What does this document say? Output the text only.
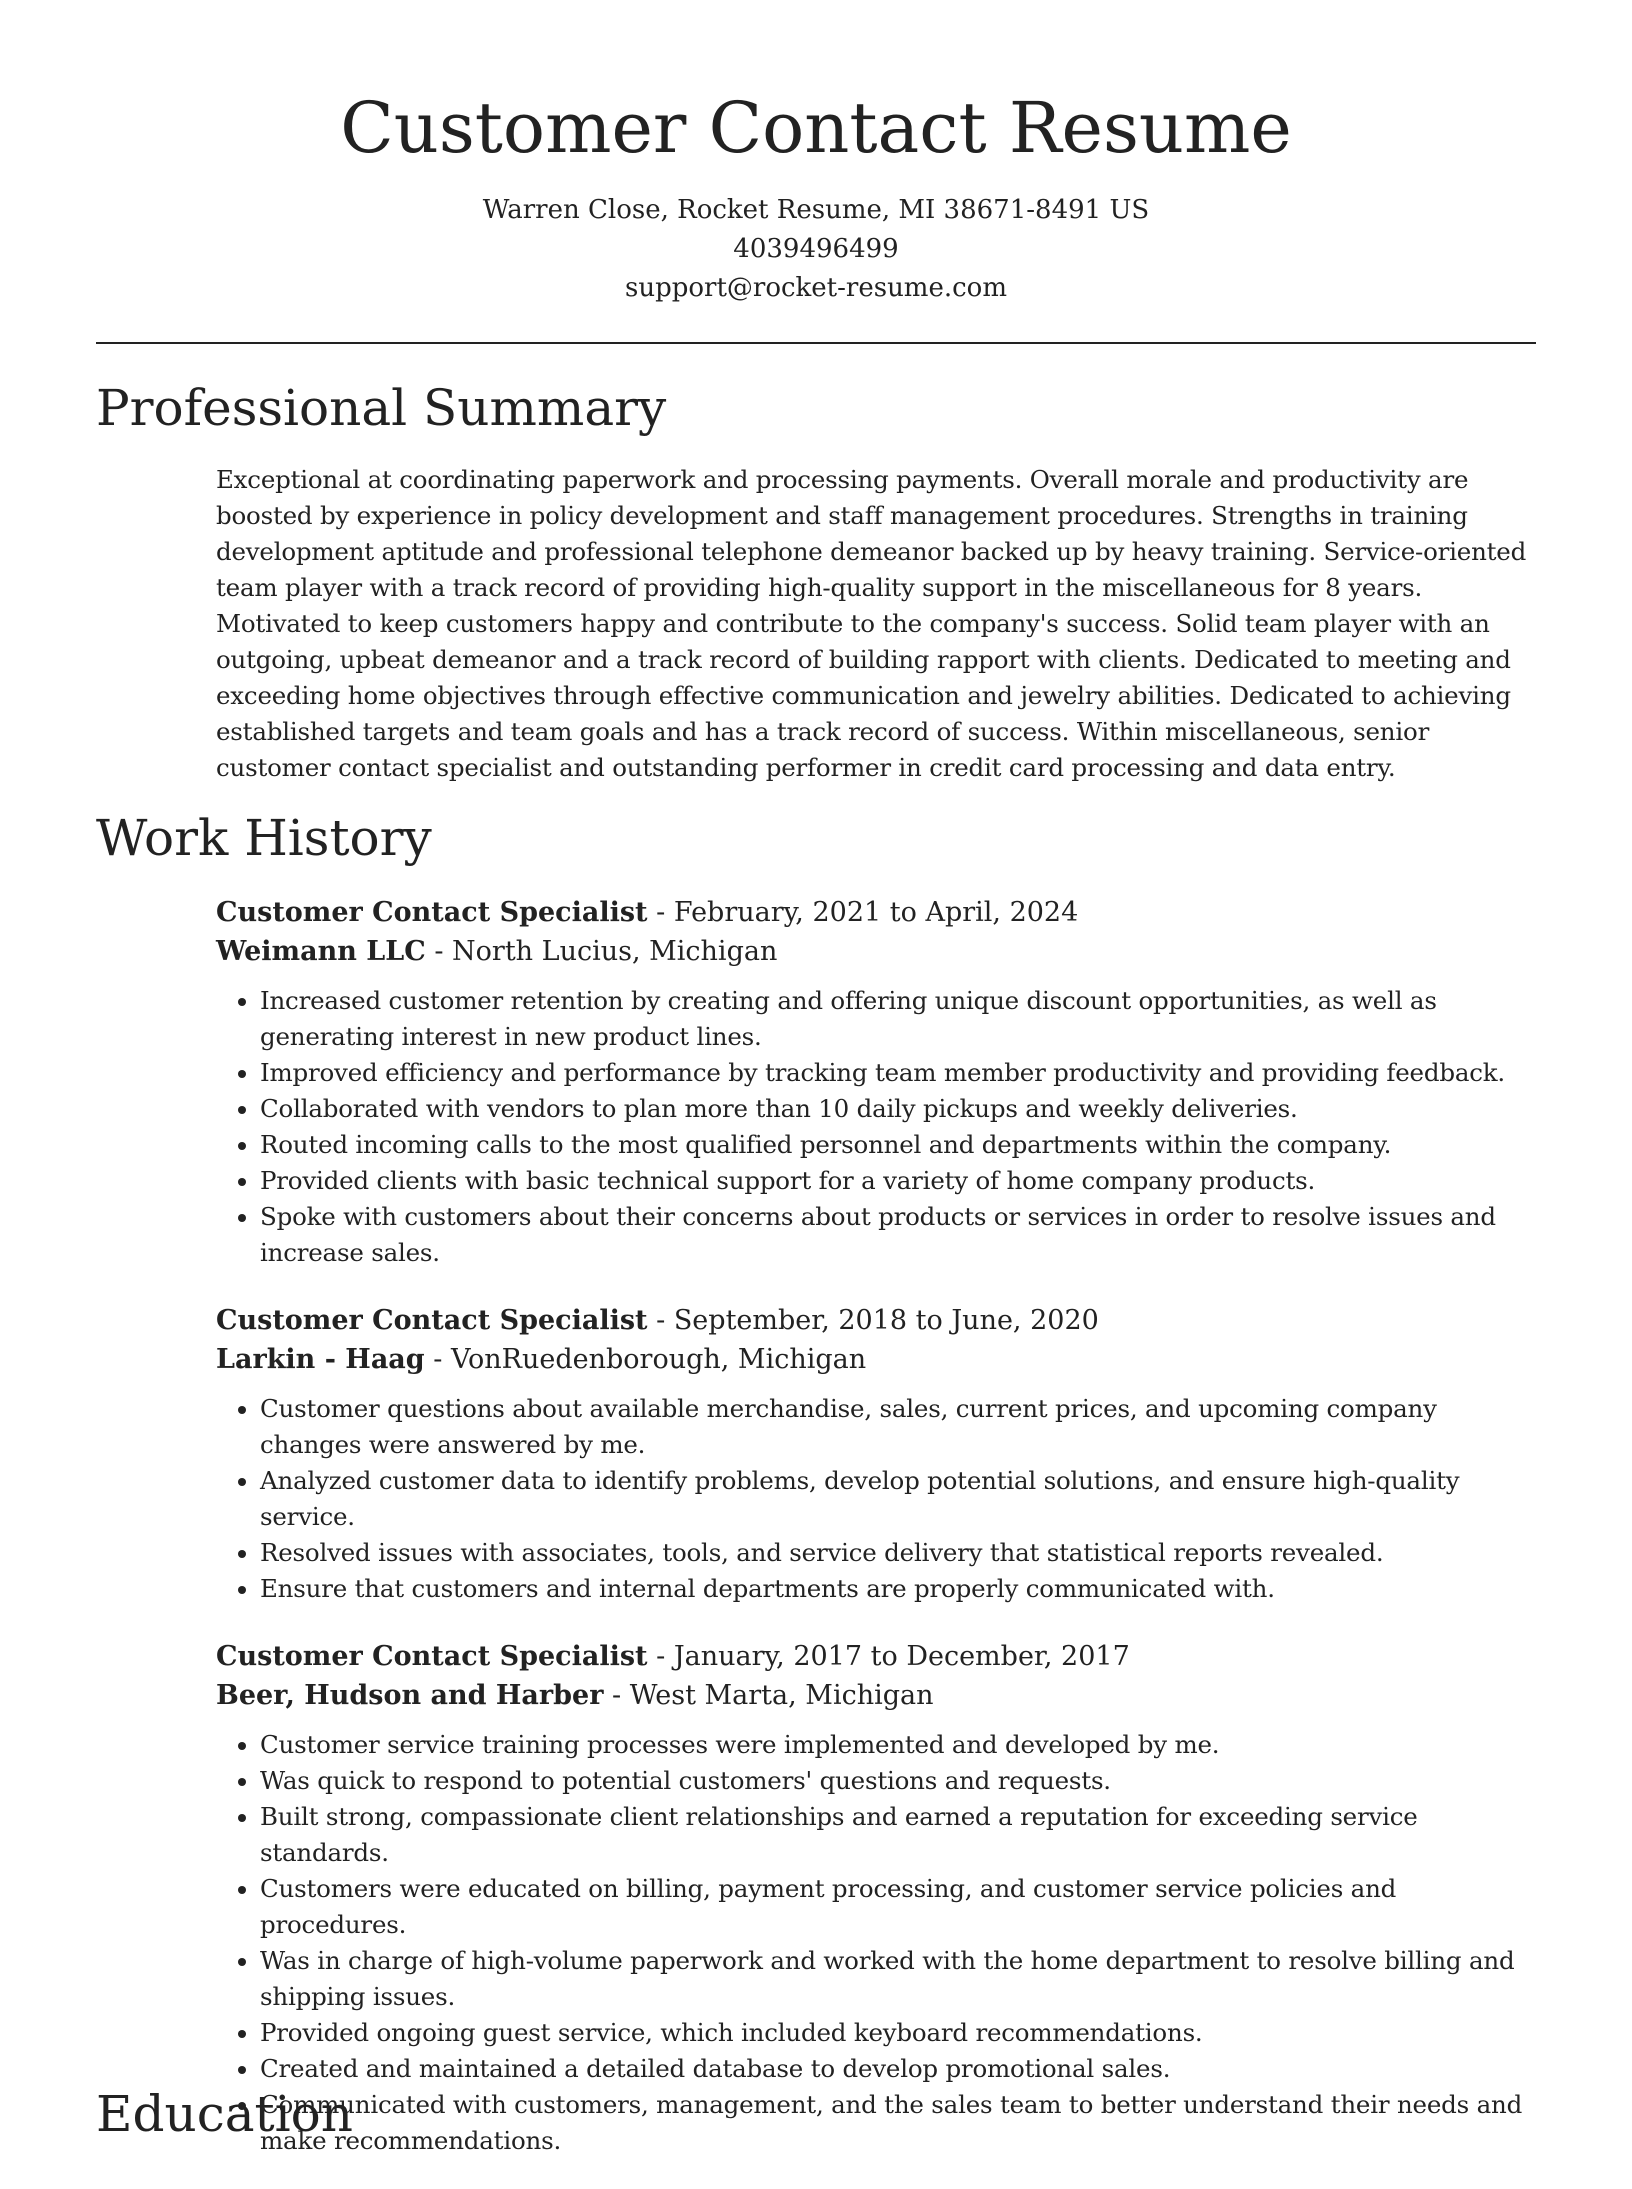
Customer Contact Resume
Warren Close, Rocket Resume, MI 38671-8491 US
4039496499
support@rocket-resume.com
Professional Summary

Exceptional at coordinating paperwork and processing payments. Overall morale and productivity are boosted by experience in policy development and staff management procedures. Strengths in training development aptitude and professional telephone demeanor backed up by heavy training. Service-oriented team player with a track record of providing high-quality support in the miscellaneous for 8 years. Motivated to keep customers happy and contribute to the company's success. Solid team player with an outgoing, upbeat demeanor and a track record of building rapport with clients. Dedicated to meeting and exceeding home objectives through effective communication and jewelry abilities. Dedicated to achieving established targets and team goals and has a track record of success. Within miscellaneous, senior customer contact specialist and outstanding performer in credit card processing and data entry.

Work History

Customer Contact Specialist - February, 2021 to April, 2024

Weimann LLC - North Lucius, Michigan

• Increased customer retention by creating and offering unique discount opportunities, as well as generating interest in new product lines.
• Improved efficiency and performance by tracking team member productivity and providing feedback.
• Collaborated with vendors to plan more than 10 daily pickups and weekly deliveries.
• Routed incoming calls to the most qualified personnel and departments within the company.
• Provided clients with basic technical support for a variety of home company products.
• Spoke with customers about their concerns about products or services in order to resolve issues and increase sales.

Customer Contact Specialist - September, 2018 to June, 2020

Larkin - Haag - VonRuedenborough, Michigan

• Customer questions about available merchandise, sales, current prices, and upcoming company changes were answered by me.
• Analyzed customer data to identify problems, develop potential solutions, and ensure high-quality service.
• Resolved issues with associates, tools, and service delivery that statistical reports revealed.
• Ensure that customers and internal departments are properly communicated with.

Customer Contact Specialist - January, 2017 to December, 2017

Beer, Hudson and Harber - West Marta, Michigan

• Customer service training processes were implemented and developed by me.
• Was quick to respond to potential customers' questions and requests.
• Built strong, compassionate client relationships and earned a reputation for exceeding service standards.
• Customers were educated on billing, payment processing, and customer service policies and procedures.
• Was in charge of high-volume paperwork and worked with the home department to resolve billing and shipping issues.
• Provided ongoing guest service, which included keyboard recommendations.
• Created and maintained a detailed database to develop promotional sales.
• Communicated with customers, management, and the sales team to better understand their needs and make recommendations.
Education
